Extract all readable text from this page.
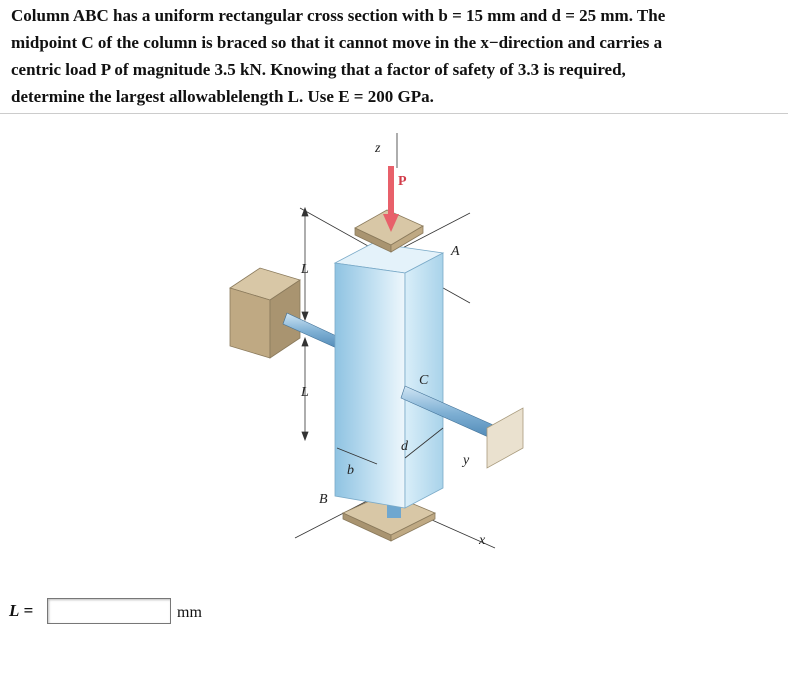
Column ABC has a uniform rectangular cross section with b = 15 mm and d = 25 mm. The
midpoint C of the column is braced so that it cannot move in the x−direction and carries a
centric load P of magnitude 3.5 kN. Knowing that a factor of safety of 3.3 is required,
determine the largest allowablelength L. Use E = 200 GPa.
z
P
A
C
L
L
b
d
y
B
x
L =	mm
